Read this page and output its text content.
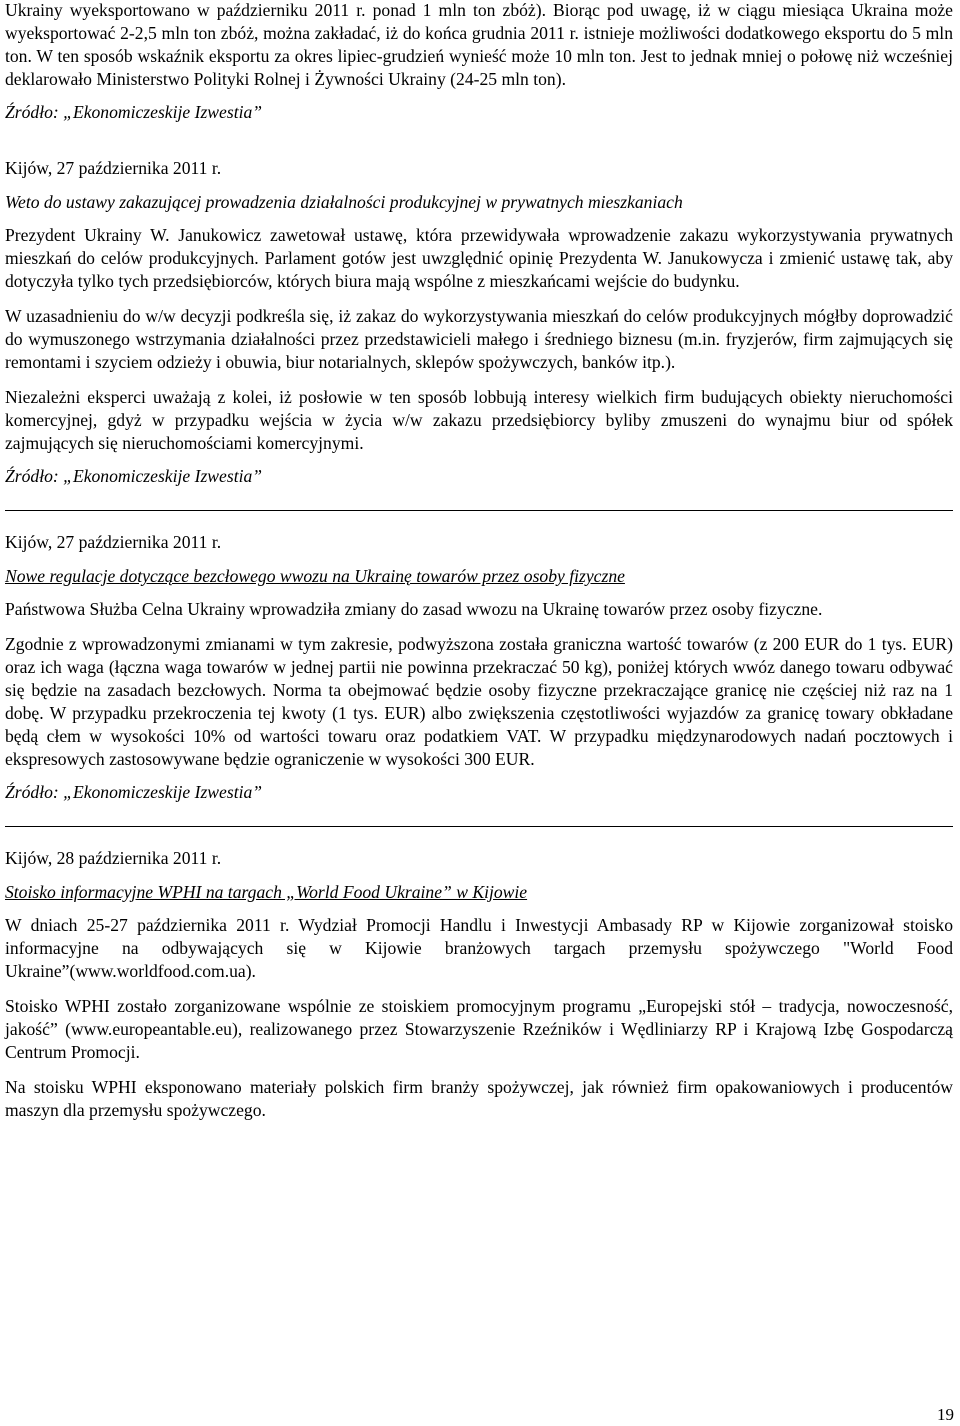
Ukrainy wyeksportowano w październiku 2011 r. ponad 1 mln ton zbóż). Biorąc pod uwagę, iż w ciągu miesiąca Ukraina może wyeksportować 2-2,5 mln ton zbóż, można zakładać, iż do końca grudnia 2011 r. istnieje możliwości dodatkowego eksportu do 5 mln ton. W ten sposób wskaźnik eksportu za okres lipiec-grudzień wynieść może 10 mln ton. Jest to jednak mniej o połowę niż wcześniej deklarowało Ministerstwo Polityki Rolnej i Żywności Ukrainy (24-25 mln ton).

Źródło: „Ekonomiczeskije Izwestia”

Kijów, 27 października 2011 r.

Weto do ustawy zakazującej prowadzenia działalności produkcyjnej w prywatnych mieszkaniach

Prezydent Ukrainy W. Janukowicz zawetował ustawę, która przewidywała wprowadzenie zakazu wykorzystywania prywatnych mieszkań do celów produkcyjnych. Parlament gotów jest uwzględnić opinię Prezydenta W. Janukowycza i zmienić ustawę tak, aby dotyczyła tylko tych przedsiębiorców, których biura mają wspólne z mieszkańcami wejście do budynku.

W uzasadnieniu do w/w decyzji podkreśla się, iż zakaz do wykorzystywania mieszkań do celów produkcyjnych mógłby doprowadzić do wymuszonego wstrzymania działalności przez przedstawicieli małego i średniego biznesu (m.in. fryzjerów, firm zajmujących się remontami i szyciem odzieży i obuwia, biur notarialnych, sklepów spożywczych, banków itp.).

Niezależni eksperci uważają z kolei, iż posłowie w ten sposób lobbują interesy wielkich firm budujących obiekty nieruchomości komercyjnej, gdyż w przypadku wejścia w życia w/w zakazu przedsiębiorcy byliby zmuszeni do wynajmu biur od spółek zajmujących się nieruchomościami komercyjnymi.

Źródło: „Ekonomiczeskije Izwestia”

Kijów, 27 października 2011 r.

Nowe regulacje dotyczące bezcłowego wwozu na Ukrainę towarów przez osoby fizyczne

Państwowa Służba Celna Ukrainy wprowadziła zmiany do zasad wwozu na Ukrainę towarów przez osoby fizyczne.

Zgodnie z wprowadzonymi zmianami w tym zakresie, podwyższona została graniczna wartość towarów (z 200 EUR do 1 tys. EUR) oraz ich waga (łączna waga towarów w jednej partii nie powinna przekraczać 50 kg), poniżej których wwóz danego towaru odbywać się będzie na zasadach bezcłowych. Norma ta obejmować będzie osoby fizyczne przekraczające granicę nie częściej niż raz na 1 dobę. W przypadku przekroczenia tej kwoty (1 tys. EUR) albo zwiększenia częstotliwości wyjazdów za granicę towary obkładane będą cłem w wysokości 10% od wartości towaru oraz podatkiem VAT. W przypadku międzynarodowych nadań pocztowych i ekspresowych zastosowywane będzie ograniczenie w wysokości 300 EUR.

Źródło: „Ekonomiczeskije Izwestia”

Kijów, 28 października 2011 r.

Stoisko informacyjne WPHI na targach „World Food Ukraine” w Kijowie

W dniach 25-27 października 2011 r. Wydział Promocji Handlu i Inwestycji Ambasady RP w Kijowie zorganizował stoisko informacyjne na odbywających się w Kijowie branżowych targach przemysłu spożywczego "World Food Ukraine”(www.worldfood.com.ua).

Stoisko WPHI zostało zorganizowane wspólnie ze stoiskiem promocyjnym programu „Europejski stół – tradycja, nowoczesność, jakość” (www.europeantable.eu), realizowanego przez Stowarzyszenie Rzeźników i Wędliniarzy RP i Krajową Izbę Gospodarczą Centrum Promocji.

Na stoisku WPHI eksponowano materiały polskich firm branży spożywczej, jak również firm opakowaniowych i producentów maszyn dla przemysłu spożywczego.

19
